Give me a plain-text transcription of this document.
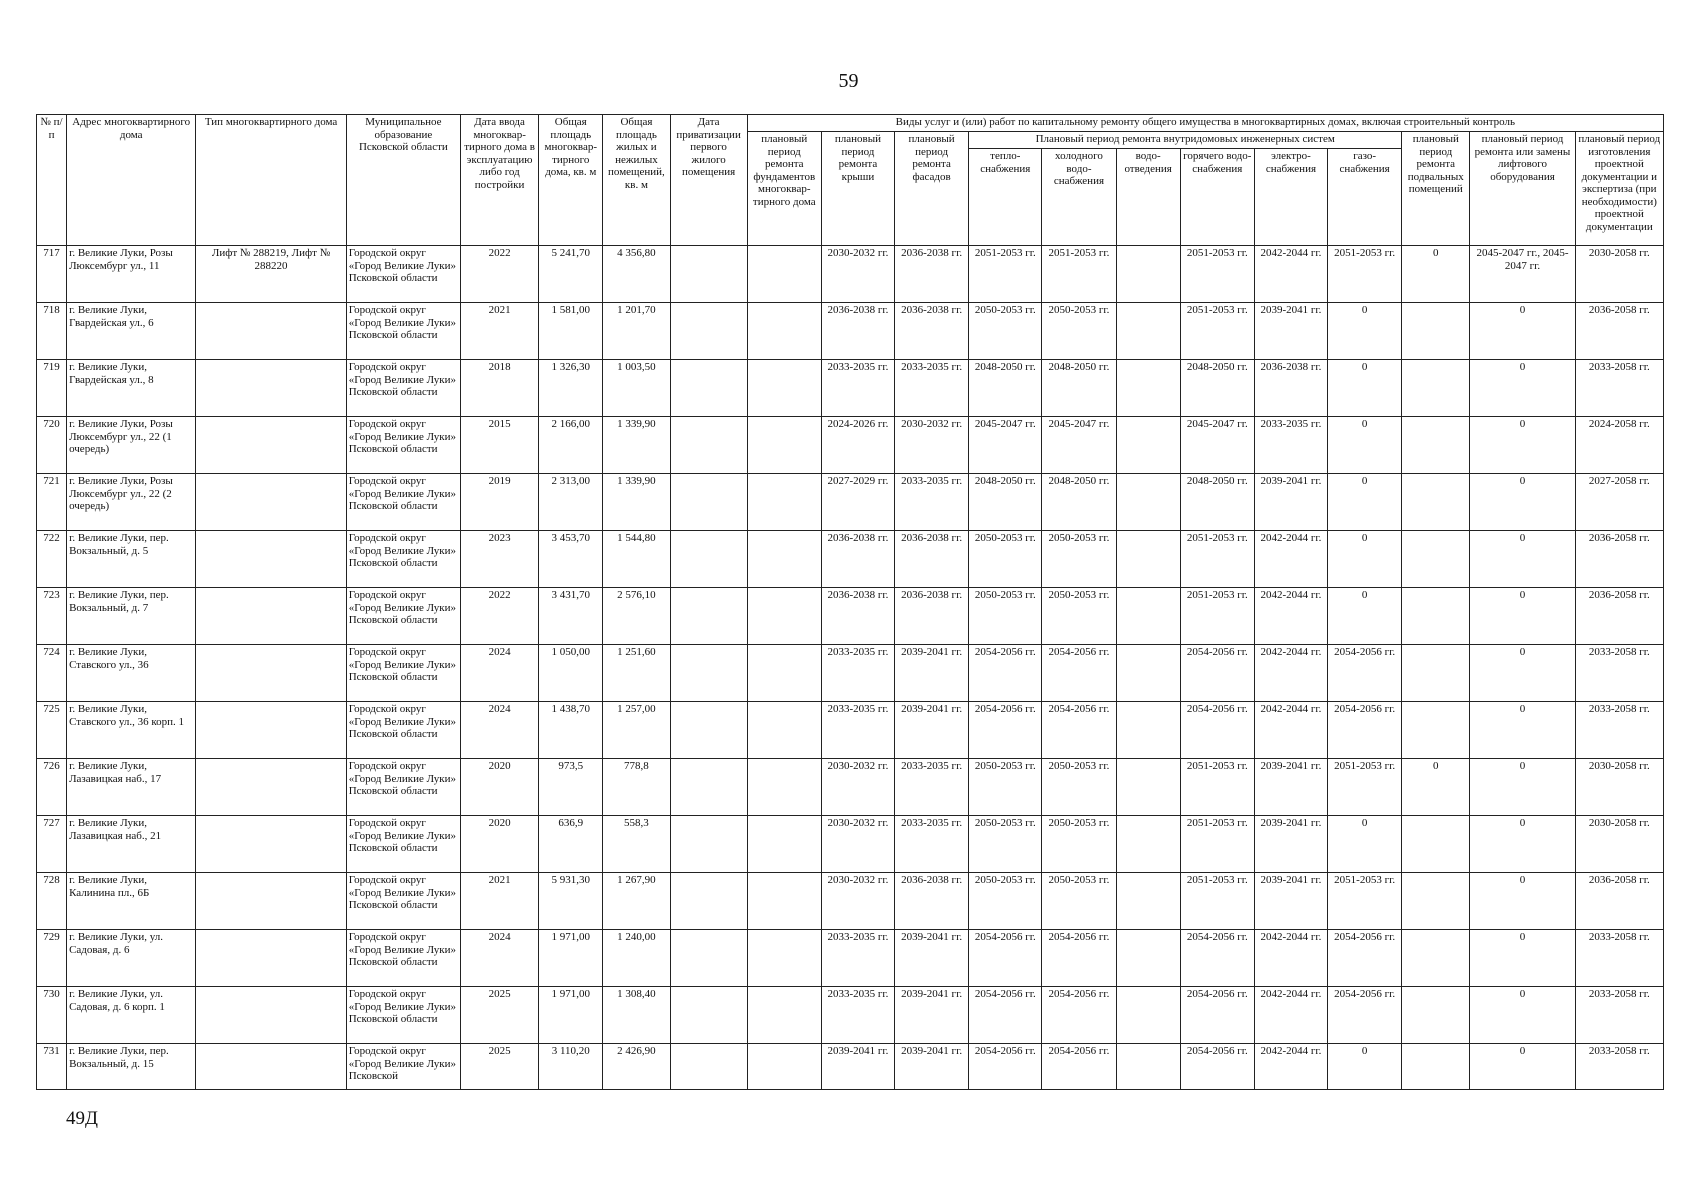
59
№ п/п	Адрес многоквартирного дома	Тип многоквартирного дома	Муниципальное образование Псковской области	Дата ввода многоквар-тирного дома в эксплуатацию либо год постройки	Общая площадь многоквар-тирного дома, кв. м	Общая площадь жилых и нежилых помещений, кв. м	Дата приватизации первого жилого помещения	Виды услуг и (или) работ по капитальному ремонту общего имущества в многоквартирных домах, включая строительный контроль											
								плановый период ремонта фундаментов многоквар-тирного дома	плановый период ремонта крыши	плановый период ремонта фасадов	Плановый период ремонта внутридомовых инженерных систем						плановый период ремонта подвальных помещений	плановый период ремонта или замены лифтового оборудования	плановый период изготовления проектной документации и экспертиза (при необходимости) проектной документации
											тепло-снабжения	холодного водо-снабжения	водо-отведения	горячего водо-снабжения	электро-снабжения	газо-снабжения			
717	г. Великие Луки, Розы Люксембург ул., 11	Лифт № 288219, Лифт № 288220	Городской округ «Город Великие Луки» Псковской области	2022	5 241,70	4 356,80			2030-2032 гг.	2036-2038 гг.	2051-2053 гг.	2051-2053 гг.		2051-2053 гг.	2042-2044 гг.	2051-2053 гг.	0	2045-2047 гг., 2045-2047 гг.	2030-2058 гг.
718	г. Великие Луки, Гвардейская ул., 6		Городской округ «Город Великие Луки» Псковской области	2021	1 581,00	1 201,70			2036-2038 гг.	2036-2038 гг.	2050-2053 гг.	2050-2053 гг.		2051-2053 гг.	2039-2041 гг.	0		0	2036-2058 гг.
719	г. Великие Луки, Гвардейская ул., 8		Городской округ «Город Великие Луки» Псковской области	2018	1 326,30	1 003,50			2033-2035 гг.	2033-2035 гг.	2048-2050 гг.	2048-2050 гг.		2048-2050 гг.	2036-2038 гг.	0		0	2033-2058 гг.
720	г. Великие Луки, Розы Люксембург ул., 22 (1 очередь)		Городской округ «Город Великие Луки» Псковской области	2015	2 166,00	1 339,90			2024-2026 гг.	2030-2032 гг.	2045-2047 гг.	2045-2047 гг.		2045-2047 гг.	2033-2035 гг.	0		0	2024-2058 гг.
721	г. Великие Луки, Розы Люксембург ул., 22 (2 очередь)		Городской округ «Город Великие Луки» Псковской области	2019	2 313,00	1 339,90			2027-2029 гг.	2033-2035 гг.	2048-2050 гг.	2048-2050 гг.		2048-2050 гг.	2039-2041 гг.	0		0	2027-2058 гг.
722	г. Великие Луки, пер. Вокзальный, д. 5		Городской округ «Город Великие Луки» Псковской области	2023	3 453,70	1 544,80			2036-2038 гг.	2036-2038 гг.	2050-2053 гг.	2050-2053 гг.		2051-2053 гг.	2042-2044 гг.	0		0	2036-2058 гг.
723	г. Великие Луки, пер. Вокзальный, д. 7		Городской округ «Город Великие Луки» Псковской области	2022	3 431,70	2 576,10			2036-2038 гг.	2036-2038 гг.	2050-2053 гг.	2050-2053 гг.		2051-2053 гг.	2042-2044 гг.	0		0	2036-2058 гг.
724	г. Великие Луки, Ставского ул., 36		Городской округ «Город Великие Луки» Псковской области	2024	1 050,00	1 251,60			2033-2035 гг.	2039-2041 гг.	2054-2056 гг.	2054-2056 гг.		2054-2056 гг.	2042-2044 гг.	2054-2056 гг.		0	2033-2058 гг.
725	г. Великие Луки, Ставского ул., 36 корп. 1		Городской округ «Город Великие Луки» Псковской области	2024	1 438,70	1 257,00			2033-2035 гг.	2039-2041 гг.	2054-2056 гг.	2054-2056 гг.		2054-2056 гг.	2042-2044 гг.	2054-2056 гг.		0	2033-2058 гг.
726	г. Великие Луки, Лазавицкая наб., 17		Городской округ «Город Великие Луки» Псковской области	2020	973,5	778,8			2030-2032 гг.	2033-2035 гг.	2050-2053 гг.	2050-2053 гг.		2051-2053 гг.	2039-2041 гг.	2051-2053 гг.	0	0	2030-2058 гг.
727	г. Великие Луки, Лазавицкая наб., 21		Городской округ «Город Великие Луки» Псковской области	2020	636,9	558,3			2030-2032 гг.	2033-2035 гг.	2050-2053 гг.	2050-2053 гг.		2051-2053 гг.	2039-2041 гг.	0		0	2030-2058 гг.
728	г. Великие Луки, Калинина пл., 6Б		Городской округ «Город Великие Луки» Псковской области	2021	5 931,30	1 267,90			2030-2032 гг.	2036-2038 гг.	2050-2053 гг.	2050-2053 гг.		2051-2053 гг.	2039-2041 гг.	2051-2053 гг.		0	2036-2058 гг.
729	г. Великие Луки, ул. Садовая, д. 6		Городской округ «Город Великие Луки» Псковской области	2024	1 971,00	1 240,00			2033-2035 гг.	2039-2041 гг.	2054-2056 гг.	2054-2056 гг.		2054-2056 гг.	2042-2044 гг.	2054-2056 гг.		0	2033-2058 гг.
730	г. Великие Луки, ул. Садовая, д. 6 корп. 1		Городской округ «Город Великие Луки» Псковской области	2025	1 971,00	1 308,40			2033-2035 гг.	2039-2041 гг.	2054-2056 гг.	2054-2056 гг.		2054-2056 гг.	2042-2044 гг.	2054-2056 гг.		0	2033-2058 гг.
731	г. Великие Луки, пер. Вокзальный, д. 15		Городской округ «Город Великие Луки» Псковской	2025	3 110,20	2 426,90			2039-2041 гг.	2039-2041 гг.	2054-2056 гг.	2054-2056 гг.		2054-2056 гг.	2042-2044 гг.	0		0	2033-2058 гг.
49Д
